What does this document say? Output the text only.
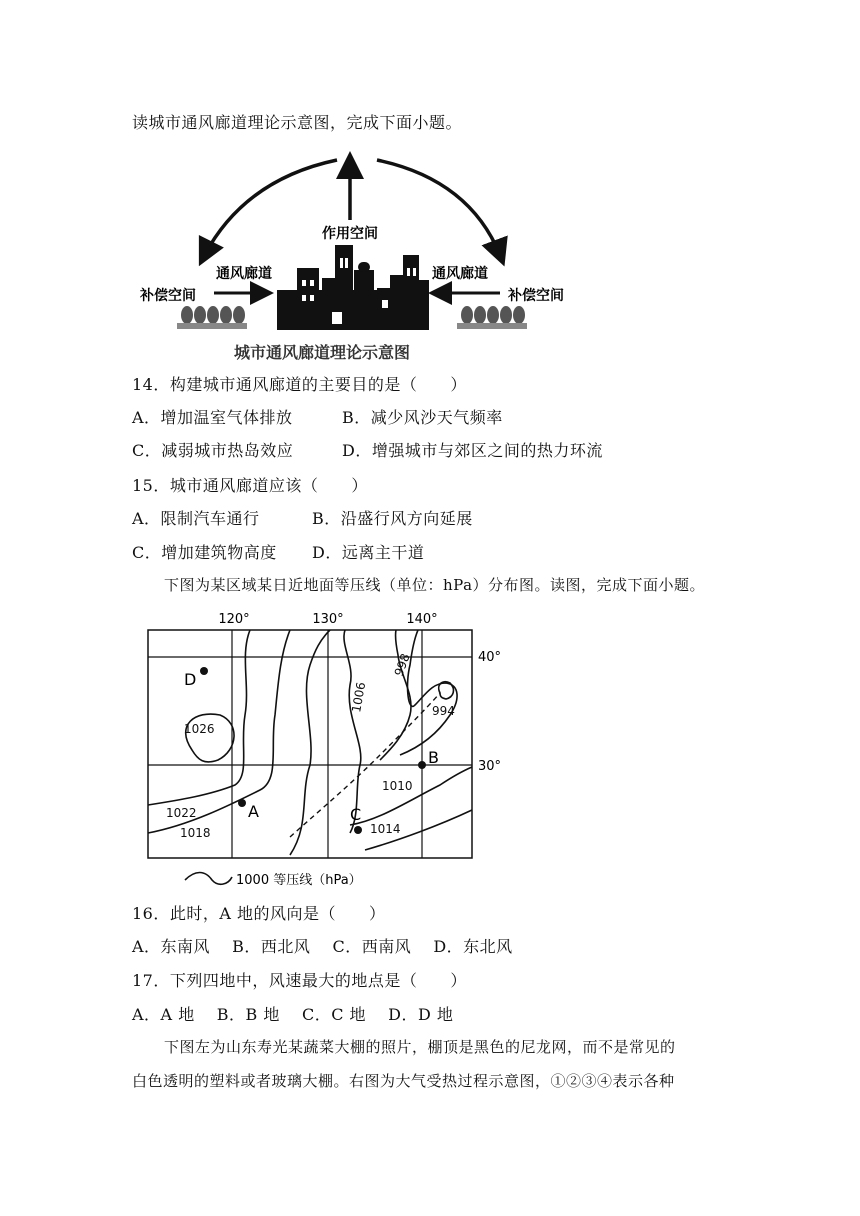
读城市通风廊道理论示意图，完成下面小题。
作用空间
通风廊道	通风廊道
补偿空间	补偿空间
城市通风廊道理论示意图
14．构建城市通风廊道的主要目的是（　　）
A．增加温室气体排放	B．减少风沙天气频率
C．减弱城市热岛效应	D．增强城市与郊区之间的热力环流
15．城市通风廊道应该（　　）
A．限制汽车通行	B．沿盛行风方向延展
C．增加建筑物高度 D．远离主干道
下图为某区域某日近地面等压线（单位：hPa）分布图。读图，完成下面小题。
120°	130°	140°
40°
30°
1026
1022
1018
1006
998
994
1010
1014
A
B
C
D
1000 等压线（hPa）
16．此时，A 地的风向是（　　）
A．东南风　 B．西北风　 C．西南风　 D．东北风
17．下列四地中，风速最大的地点是（　　）
A．A 地　 B．B 地　 C．C 地　 D．D 地
下图左为山东寿光某蔬菜大棚的照片，棚顶是黑色的尼龙网，而不是常见的
白色透明的塑料或者玻璃大棚。右图为大气受热过程示意图，①②③④表示各种
